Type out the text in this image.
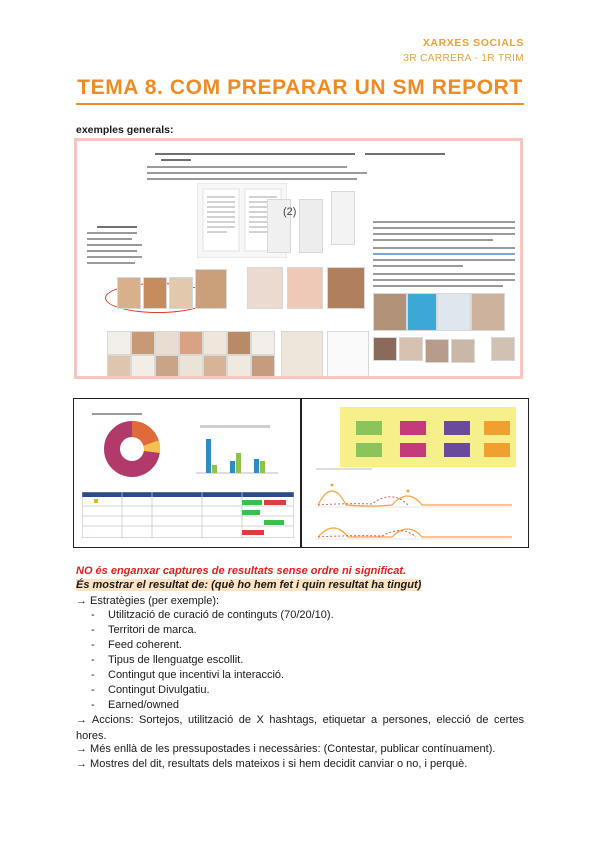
XARXES SOCIALS
3R CARRERA - 1R TRIM
TEMA 8. COM PREPARAR UN SM REPORT
exemples generals:
(2)
NO és enganxar captures de resultats sense ordre ni significat.
És mostrar el resultat de: (què ho hem fet i quin resultat ha tingut)
→ Estratègies (per exemple):
- Utilització de curació de continguts (70/20/10).
- Territori de marca.
- Feed coherent.
- Tipus de llenguatge escollit.
- Contingut que incentivi la interacció.
- Contingut Divulgatiu.
- Earned/owned
→ Accions: Sortejos, utilització de X hashtags, etiquetar a persones, elecció de certes hores.
→ Més enllà de les pressupostades i necessàries: (Contestar, publicar contínuament).
→ Mostres del dit, resultats dels mateixos i si hem decidit canviar o no, i perquè.
